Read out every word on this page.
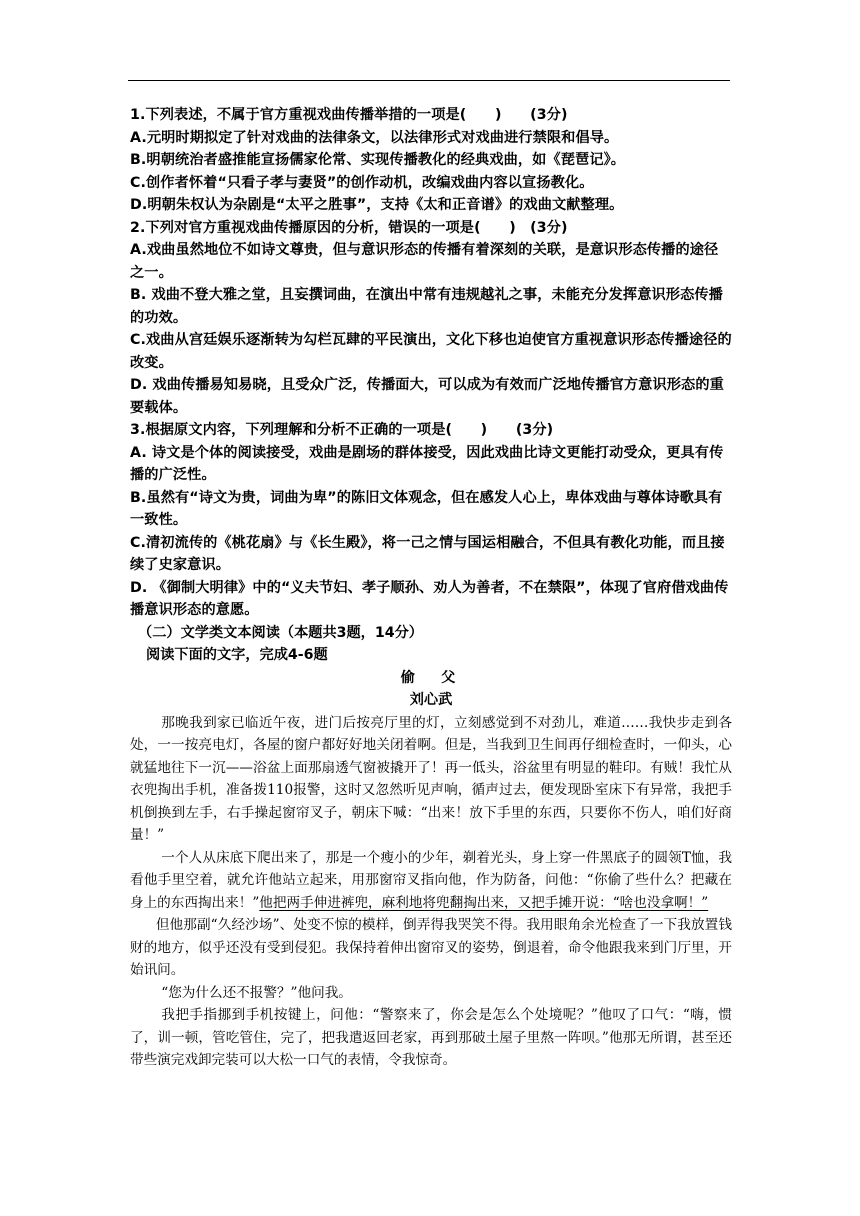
1.下列表述，不属于官方重视戏曲传播举措的一项是(　　)　　(3分)

A.元明时期拟定了针对戏曲的法律条文，以法律形式对戏曲进行禁限和倡导。

B.明朝统治者盛推能宣扬儒家伦常、实现传播教化的经典戏曲，如《琵琶记》。

C.创作者怀着“只看子孝与妻贤”的创作动机，改编戏曲内容以宣扬教化。

D.明朝朱权认为杂剧是“太平之胜事”，支持《太和正音谱》的戏曲文献整理。

2.下列对官方重视戏曲传播原因的分析，错误的一项是(　　)　(3分)

A.戏曲虽然地位不如诗文尊贵，但与意识形态的传播有着深刻的关联，是意识形态传播的途径之一。

B. 戏曲不登大雅之堂，且妄撰词曲，在演出中常有违规越礼之事，未能充分发挥意识形态传播的功效。

C.戏曲从宫廷娱乐逐渐转为勾栏瓦肆的平民演出，文化下移也迫使官方重视意识形态传播途径的改变。

D. 戏曲传播易知易晓，且受众广泛，传播面大，可以成为有效而广泛地传播官方意识形态的重要载体。

3.根据原文内容，下列理解和分析不正确的一项是(　　)　　(3分)

A. 诗文是个体的阅读接受，戏曲是剧场的群体接受，因此戏曲比诗文更能打动受众，更具有传播的广泛性。

B.虽然有“诗文为贵，词曲为卑”的陈旧文体观念，但在感发人心上，卑体戏曲与尊体诗歌具有一致性。

C.清初流传的《桃花扇》与《长生殿》，将一己之情与国运相融合，不但具有教化功能，而且接续了史家意识。

D. 《御制大明律》中的“义夫节妇、孝子顺孙、劝人为善者，不在禁限”，体现了官府借戏曲传播意识形态的意愿。

（二）文学类文本阅读（本题共3题，14分）

阅读下面的文字，完成4-6题

偷　父

刘心武

那晚我到家已临近午夜，进门后按亮厅里的灯，立刻感觉到不对劲儿，难道……我快步走到各处，一一按亮电灯，各屋的窗户都好好地关闭着啊。但是，当我到卫生间再仔细检查时，一仰头，心就猛地往下一沉——浴盆上面那扇透气窗被撬开了！再一低头，浴盆里有明显的鞋印。有贼！我忙从衣兜掏出手机，准备拨110报警，这时又忽然听见声响，循声过去，便发现卧室床下有异常，我把手机倒换到左手，右手操起窗帘叉子，朝床下喊：“出来！放下手里的东西，只要你不伤人，咱们好商量！”

一个人从床底下爬出来了，那是一个瘦小的少年，剃着光头，身上穿一件黑底子的圆领T恤，我看他手里空着，就允许他站立起来，用那窗帘叉指向他，作为防备，问他：“你偷了些什么？把藏在身上的东西掏出来！”他把两手伸进裤兜，麻利地将兜翻掏出来，又把手摊开说：“啥也没拿啊！”

但他那副“久经沙场”、处变不惊的模样，倒弄得我哭笑不得。我用眼角余光检查了一下我放置钱财的地方，似乎还没有受到侵犯。我保持着伸出窗帘叉的姿势，倒退着，命令他跟我来到门厅里，开始讯问。

“您为什么还不报警？”他问我。

我把手指挪到手机按键上，问他：“警察来了，你会是怎么个处境呢？”他叹了口气：“嗨，惯了，训一顿，管吃管住，完了，把我遣返回老家，再到那破土屋子里熬一阵呗。”他那无所谓，甚至还带些演完戏卸完装可以大松一口气的表情，令我惊奇。
